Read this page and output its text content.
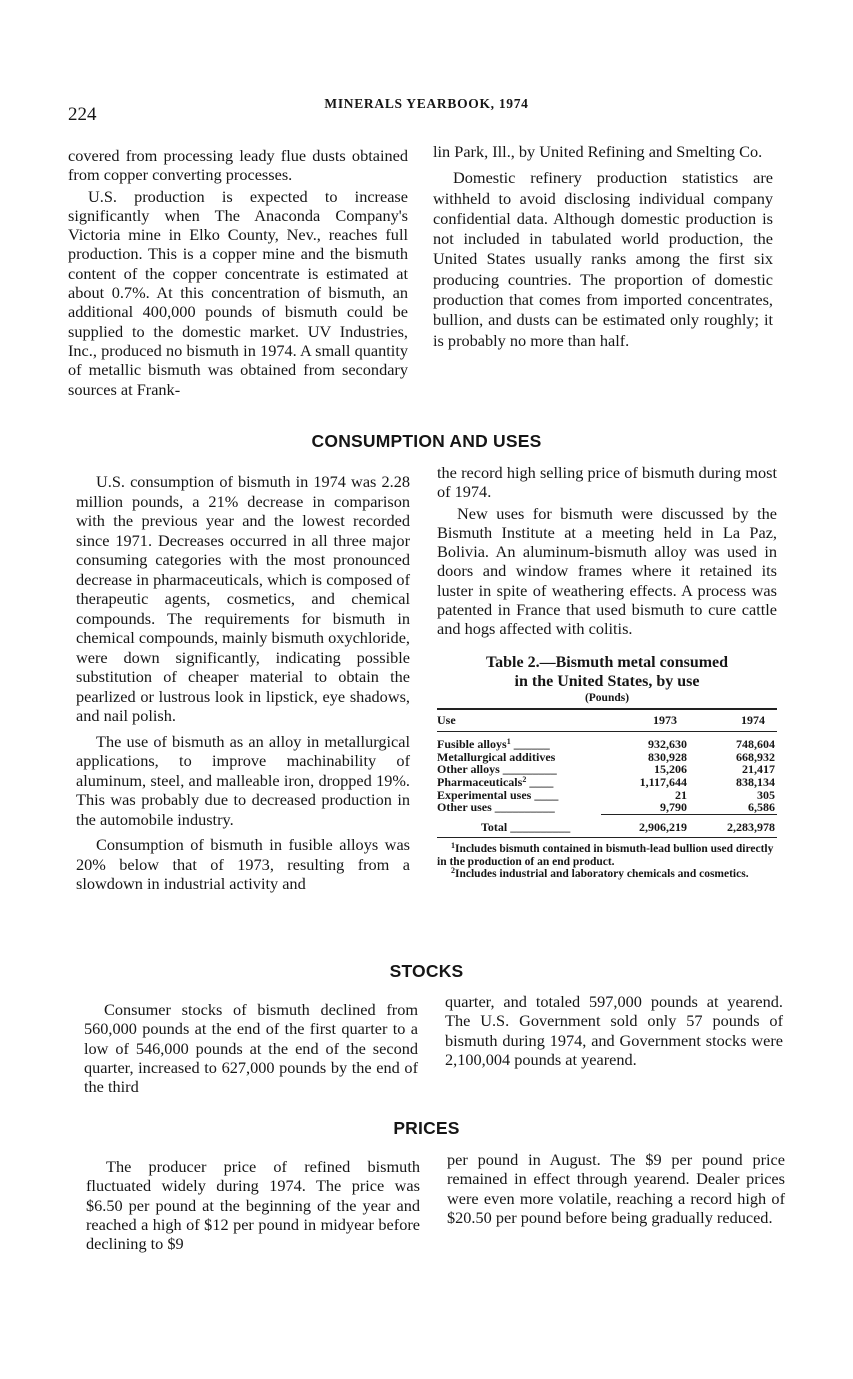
224
MINERALS YEARBOOK, 1974

covered from processing leady flue dusts obtained from copper converting processes.

U.S. production is expected to increase significantly when The Anaconda Company's Victoria mine in Elko County, Nev., reaches full production. This is a copper mine and the bismuth content of the copper concentrate is estimated at about 0.7%. At this concentration of bismuth, an additional 400,000 pounds of bismuth could be supplied to the domestic market. UV Industries, Inc., produced no bismuth in 1974. A small quantity of metallic bismuth was obtained from secondary sources at Frank-

lin Park, Ill., by United Refining and Smelting Co.

Domestic refinery production statistics are withheld to avoid disclosing individual company confidential data. Although domestic production is not included in tabulated world production, the United States usually ranks among the first six producing countries. The proportion of domestic production that comes from imported concentrates, bullion, and dusts can be estimated only roughly; it is probably no more than half.

CONSUMPTION AND USES

U.S. consumption of bismuth in 1974 was 2.28 million pounds, a 21% decrease in comparison with the previous year and the lowest recorded since 1971. Decreases occurred in all three major consuming categories with the most pronounced decrease in pharmaceuticals, which is composed of therapeutic agents, cosmetics, and chemical compounds. The requirements for bismuth in chemical compounds, mainly bismuth oxychloride, were down significantly, indicating possible substitution of cheaper material to obtain the pearlized or lustrous look in lipstick, eye shadows, and nail polish.

The use of bismuth as an alloy in metallurgical applications, to improve machinability of aluminum, steel, and malleable iron, dropped 19%. This was probably due to decreased production in the automobile industry.

Consumption of bismuth in fusible alloys was 20% below that of 1973, resulting from a slowdown in industrial activity and

the record high selling price of bismuth during most of 1974.

New uses for bismuth were discussed by the Bismuth Institute at a meeting held in La Paz, Bolivia. An aluminum-bismuth alloy was used in doors and window frames where it retained its luster in spite of weathering effects. A process was patented in France that used bismuth to cure cattle and hogs affected with colitis.

Table 2.—Bismuth metal consumed
in the United States, by use
(Pounds)
Use	1973	1974
Fusible alloys$^1$ ______	932,630	748,604
Metallurgical additives	830,928	668,932
Other alloys _________	15,206	21,417
Pharmaceuticals$^2$ ____	1,117,644	838,134
Experimental uses ____	21	305
Other uses __________	9,790	6,586
Total __________	2,906,219	2,283,978
$^1$Includes bismuth contained in bismuth-lead bullion used directly in the production of an end product.
$^2$Includes industrial and laboratory chemicals and cosmetics.
STOCKS

Consumer stocks of bismuth declined from 560,000 pounds at the end of the first quarter to a low of 546,000 pounds at the end of the second quarter, increased to 627,000 pounds by the end of the third

quarter, and totaled 597,000 pounds at yearend. The U.S. Government sold only 57 pounds of bismuth during 1974, and Government stocks were 2,100,004 pounds at yearend.

PRICES

The producer price of refined bismuth fluctuated widely during 1974. The price was $6.50 per pound at the beginning of the year and reached a high of $12 per pound in midyear before declining to $9

per pound in August. The $9 per pound price remained in effect through yearend. Dealer prices were even more volatile, reaching a record high of $20.50 per pound before being gradually reduced.
